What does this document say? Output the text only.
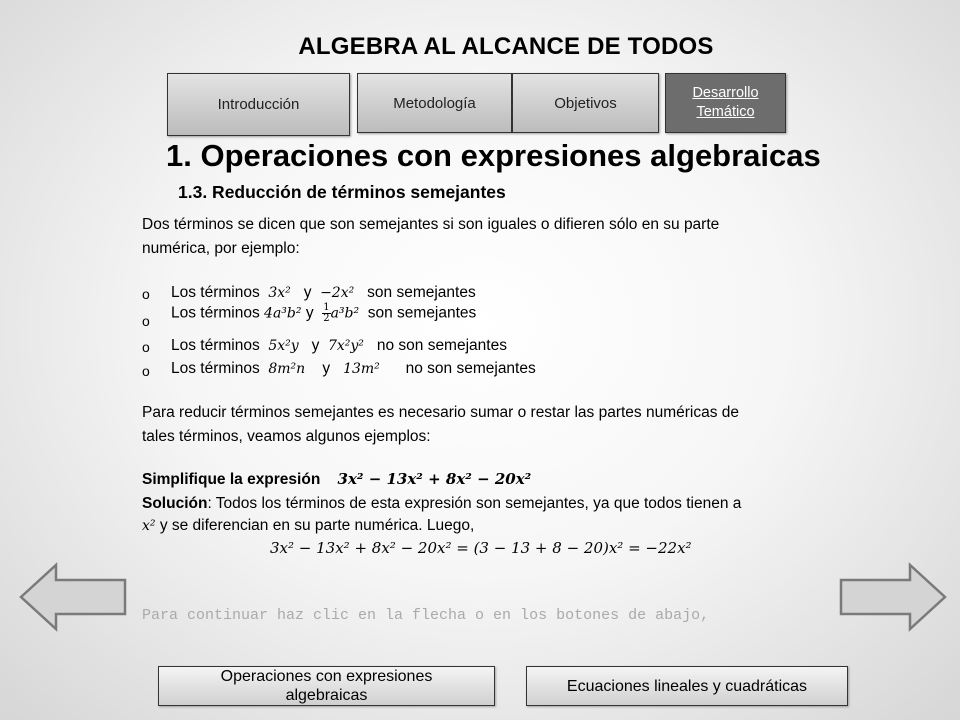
ALGEBRA AL ALCANCE DE TODOS
Introducción	Metodología	Objetivos
Desarrollo
Temático
1. Operaciones con expresiones algebraicas
1.3. Reducción de términos semejantes
Dos términos se dicen que son semejantes si son iguales o difieren sólo en su parte
numérica, por ejemplo:
o Los términos 3x² y −2x² son semejantes
o Los términos 4a³b² y $\frac{1}{2} a^3b^2$ son semejantes
o Los términos 5x²y y 7x²y² no son semejantes
o Los términos 8m²n y 13m² no son semejantes
Para reducir términos semejantes es necesario sumar o restar las partes numéricas de
tales términos, veamos algunos ejemplos:
Simplifique la expresión 3x² − 13x² + 8x² − 20x²
Solución: Todos los términos de esta expresión son semejantes, ya que todos tienen a
x² y se diferencian en su parte numérica. Luego,
3x² − 13x² + 8x² − 20x² = (3 − 13 + 8 − 20)x² = −22x²
Para continuar haz clic en la flecha o en los botones de abajo,
Operaciones con expresiones
algebraicas
Ecuaciones lineales y cuadráticas
